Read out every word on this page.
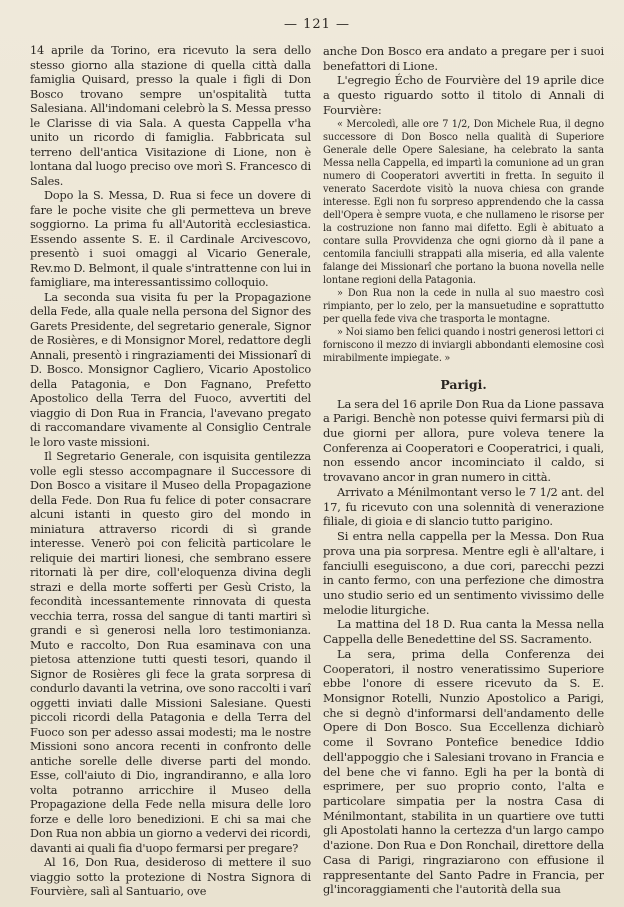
— 121 —

14 aprile da Torino, era ricevuto la sera dello stesso giorno alla stazione di quella città dalla famiglia Quisard, presso la quale i figli di Don Bosco trovano sempre un'ospitalità tutta Salesiana. All'indomani celebrò la S. Messa presso le Clarisse di via Sala. A questa Cappella v'ha unito un ricordo di famiglia. Fabbricata sul terreno dell'antica Visitazione di Lione, non è lontana dal luogo preciso ove morì S. Francesco di Sales.

Dopo la S. Messa, D. Rua si fece un dovere di fare le poche visite che gli permetteva un breve soggiorno. La prima fu all'Autorità ecclesiastica. Essendo assente S. E. il Cardinale Arcivescovo, presentò i suoi omaggi al Vicario Generale, Rev.mo D. Belmont, il quale s'intrattenne con lui in famigliare, ma interessantissimo colloquio.

La seconda sua visita fu per la Propagazione della Fede, alla quale nella persona del Signor des Garets Presidente, del segretario generale, Signor de Rosières, e di Monsignor Morel, redattore degli Annali, presentò i ringraziamenti dei Missionarî di D. Bosco. Monsignor Cagliero, Vicario Apostolico della Patagonia, e Don Fagnano, Prefetto Apostolico della Terra del Fuoco, avvertiti del viaggio di Don Rua in Francia, l'avevano pregato di raccomandare vivamente al Consiglio Centrale le loro vaste missioni.

Il Segretario Generale, con isquisita gentilezza volle egli stesso accompagnare il Successore di Don Bosco a visitare il Museo della Propagazione della Fede. Don Rua fu felice di poter consacrare alcuni istanti in questo giro del mondo in miniatura attraverso ricordi di sì grande interesse. Venerò poi con felicità particolare le reliquie dei martiri lionesi, che sembrano essere ritornati là per dire, coll'eloquenza divina degli strazi e della morte sofferti per Gesù Cristo, la fecondità incessantemente rinnovata di questa vecchia terra, rossa del sangue di tanti martiri sì grandi e sì generosi nella loro testimonianza. Muto e raccolto, Don Rua esaminava con una pietosa attenzione tutti questi tesori, quando il Signor de Rosières gli fece la grata sorpresa di condurlo davanti la vetrina, ove sono raccolti i varî oggetti inviati dalle Missioni Salesiane. Questi piccoli ricordi della Patagonia e della Terra del Fuoco son per adesso assai modesti; ma le nostre Missioni sono ancora recenti in confronto delle antiche sorelle delle diverse parti del mondo. Esse, coll'aiuto di Dio, ingrandiranno, e alla loro volta potranno arricchire il Museo della Propagazione della Fede nella misura delle loro forze e delle loro benedizioni. E chi sa mai che Don Rua non abbia un giorno a vedervi dei ricordi, davanti ai quali fia d'uopo fermarsi per pregare?

Al 16, Don Rua, desideroso di mettere il suo viaggio sotto la protezione di Nostra Signora di Fourvière, salì al Santuario, ove

anche Don Bosco era andato a pregare per i suoi benefattori di Lione.

L'egregio Écho de Fourvière del 19 aprile dice a questo riguardo sotto il titolo di Annali di Fourvière:

« Mercoledì, alle ore 7 1/2, Don Michele Rua, il degno successore di Don Bosco nella qualità di Superiore Generale delle Opere Salesiane, ha celebrato la santa Messa nella Cappella, ed impartì la comunione ad un gran numero di Cooperatori avvertiti in fretta. In seguito il venerato Sacerdote visitò la nuova chiesa con grande interesse. Egli non fu sorpreso apprendendo che la cassa dell'Opera è sempre vuota, e che nullameno le risorse per la costruzione non fanno mai difetto. Egli è abituato a contare sulla Provvidenza che ogni giorno dà il pane a centomila fanciulli strappati alla miseria, ed alla valente falange dei Missionarî che portano la buona novella nelle lontane regioni della Patagonia.

» Don Rua non la cede in nulla al suo maestro così rimpianto, per lo zelo, per la mansuetudine e soprattutto per quella fede viva che trasporta le montagne.

» Noi siamo ben felici quando i nostri generosi lettori ci forniscono il mezzo di inviargli abbondanti elemosine così mirabilmente impiegate. »

Parigi.

La sera del 16 aprile Don Rua da Lione passava a Parigi. Benchè non potesse quivi fermarsi più di due giorni per allora, pure voleva tenere la Conferenza ai Cooperatori e Cooperatrici, i quali, non essendo ancor incominciato il caldo, si trovavano ancor in gran numero in città.

Arrivato a Ménilmontant verso le 7 1/2 ant. del 17, fu ricevuto con una solennità di venerazione filiale, di gioia e di slancio tutto parigino.

Si entra nella cappella per la Messa. Don Rua prova una pia sorpresa. Mentre egli è all'altare, i fanciulli eseguiscono, a due cori, parecchi pezzi in canto fermo, con una perfezione che dimostra uno studio serio ed un sentimento vivissimo delle melodie liturgiche.

La mattina del 18 D. Rua canta la Messa nella Cappella delle Benedettine del SS. Sacramento.

La sera, prima della Conferenza dei Cooperatori, il nostro veneratissimo Superiore ebbe l'onore di essere ricevuto da S. E. Monsignor Rotelli, Nunzio Apostolico a Parigi, che si degnò d'informarsi dell'andamento delle Opere di Don Bosco. Sua Eccellenza dichiarò come il Sovrano Pontefice benedice Iddio dell'appoggio che i Salesiani trovano in Francia e del bene che vi fanno. Egli ha per la bontà di esprimere, per suo proprio conto, l'alta e particolare simpatia per la nostra Casa di Ménilmontant, stabilita in un quartiere ove tutti gli Apostolati hanno la certezza d'un largo campo d'azione. Don Rua e Don Ronchail, direttore della Casa di Parigi, ringraziarono con effusione il rappresentante del Santo Padre in Francia, per gl'incoraggiamenti che l'autorità della sua
